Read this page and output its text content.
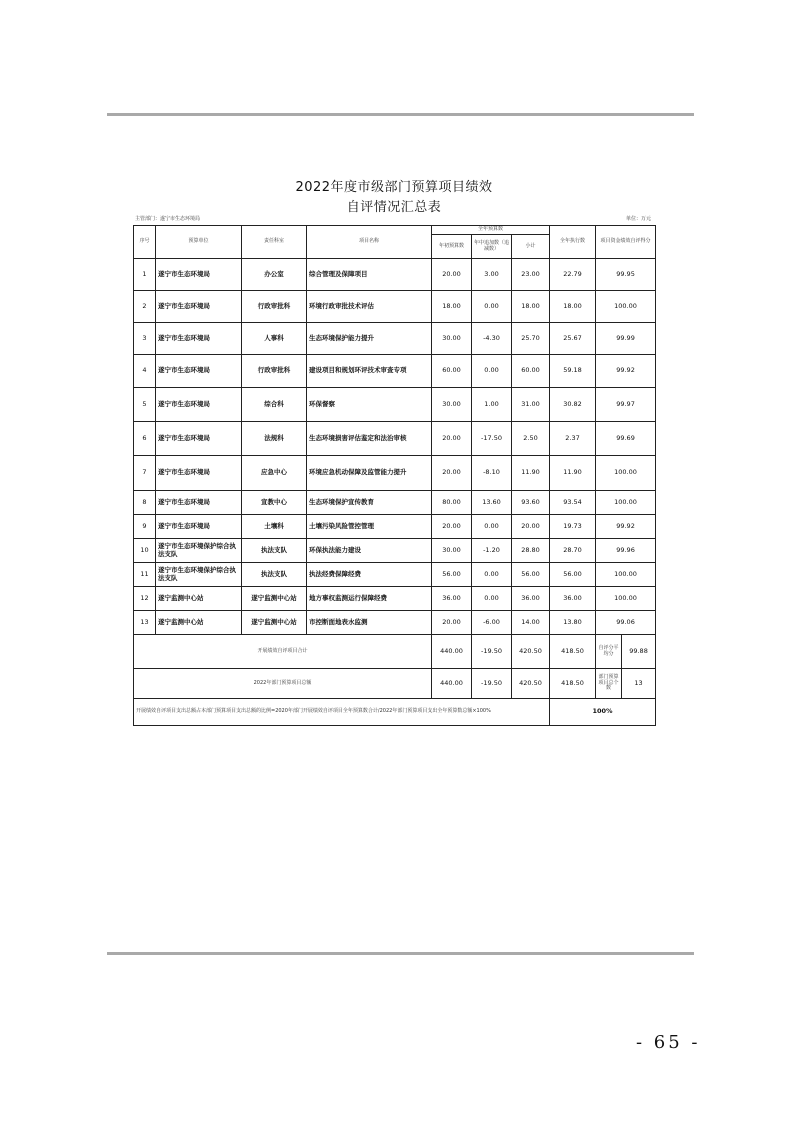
2022年度市级部门预算项目绩效
自评情况汇总表
主管部门：遂宁市生态环境局	单位：万元
序号	预算单位	责任科室	项目名称	全年预算数			全年执行数	项目资金绩效自评得分	
				年初预算数	年中追加数（追减数）	小计			
1	遂宁市生态环境局	办公室	综合管理及保障项目	20.00	3.00	23.00	22.79	99.95	
2	遂宁市生态环境局	行政审批科	环境行政审批技术评估	18.00	0.00	18.00	18.00	100.00	
3	遂宁市生态环境局	人事科	生态环境保护能力提升	30.00	-4.30	25.70	25.67	99.99	
4	遂宁市生态环境局	行政审批科	建设项目和规划环评技术审查专项	60.00	0.00	60.00	59.18	99.92	
5	遂宁市生态环境局	综合科	环保督察	30.00	1.00	31.00	30.82	99.97	
6	遂宁市生态环境局	法规科	生态环境损害评估鉴定和法治审核	20.00	-17.50	2.50	2.37	99.69	
7	遂宁市生态环境局	应急中心	环境应急机动保障及监管能力提升	20.00	-8.10	11.90	11.90	100.00	
8	遂宁市生态环境局	宣教中心	生态环境保护宣传教育	80.00	13.60	93.60	93.54	100.00	
9	遂宁市生态环境局	土壤科	土壤污染风险管控管理	20.00	0.00	20.00	19.73	99.92	
10	遂宁市生态环境保护综合执法支队	执法支队	环保执法能力建设	30.00	-1.20	28.80	28.70	99.96	
11	遂宁市生态环境保护综合执法支队	执法支队	执法经费保障经费	56.00	0.00	56.00	56.00	100.00	
12	遂宁监测中心站	遂宁监测中心站	地方事权监测运行保障经费	36.00	0.00	36.00	36.00	100.00	
13	遂宁监测中心站	遂宁监测中心站	市控断面地表水监测	20.00	-6.00	14.00	13.80	99.06	
开展绩效自评项目合计				440.00	-19.50	420.50	418.50	自评分平均分	99.88
2022年部门预算项目总额				440.00	-19.50	420.50	418.50	部门预算项目总个数	13
开展绩效自评项目支出总额占本部门预算项目支出总额的比例=2020年部门开展绩效自评项目全年预算数合计/2022年部门预算项目支出全年预算数总额×100%							100%		
- 65 -
